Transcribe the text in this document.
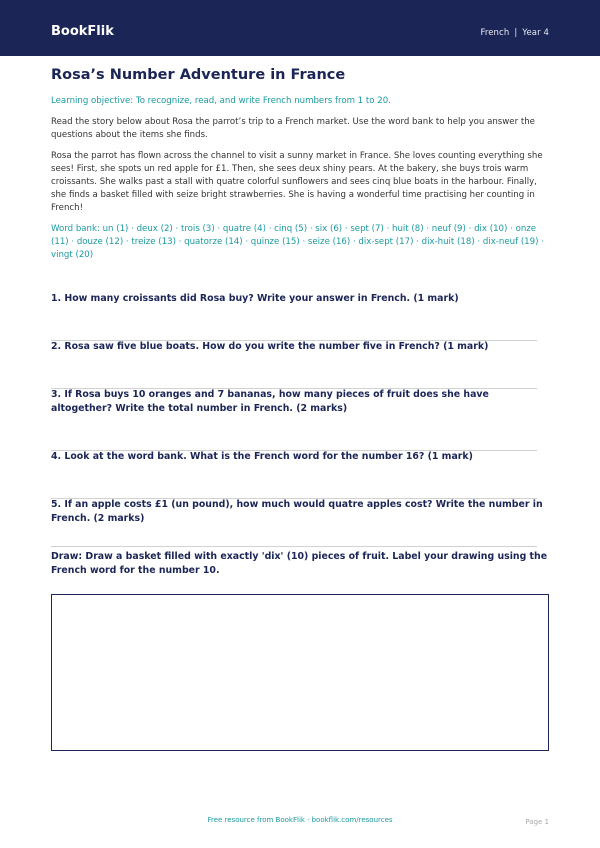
BookFlik	French | Year 4
Rosa’s Number Adventure in France
Learning objective: To recognize, read, and write French numbers from 1 to 20.
Read the story below about Rosa the parrot’s trip to a French market. Use the word bank to help you answer the questions about the items she finds.
Rosa the parrot has flown across the channel to visit a sunny market in France. She loves counting everything she sees! First, she spots un red apple for £1. Then, she sees deux shiny pears. At the bakery, she buys trois warm croissants. She walks past a stall with quatre colorful sunflowers and sees cinq blue boats in the harbour. Finally, she finds a basket filled with seize bright strawberries. She is having a wonderful time practising her counting in French!
Word bank: un (1) · deux (2) · trois (3) · quatre (4) · cinq (5) · six (6) · sept (7) · huit (8) · neuf (9) · dix (10) · onze (11) · douze (12) · treize (13) · quatorze (14) · quinze (15) · seize (16) · dix-sept (17) · dix-huit (18) · dix-neuf (19) · vingt (20)
1. How many croissants did Rosa buy? Write your answer in French. (1 mark)
2. Rosa saw five blue boats. How do you write the number five in French? (1 mark)
3. If Rosa buys 10 oranges and 7 bananas, how many pieces of fruit does she have altogether? Write the total number in French. (2 marks)
4. Look at the word bank. What is the French word for the number 16? (1 mark)
5. If an apple costs £1 (un pound), how much would quatre apples cost? Write the number in French. (2 marks)
Draw: Draw a basket filled with exactly 'dix' (10) pieces of fruit. Label your drawing using the French word for the number 10.
Free resource from BookFlik · bookflik.com/resources	Page 1
